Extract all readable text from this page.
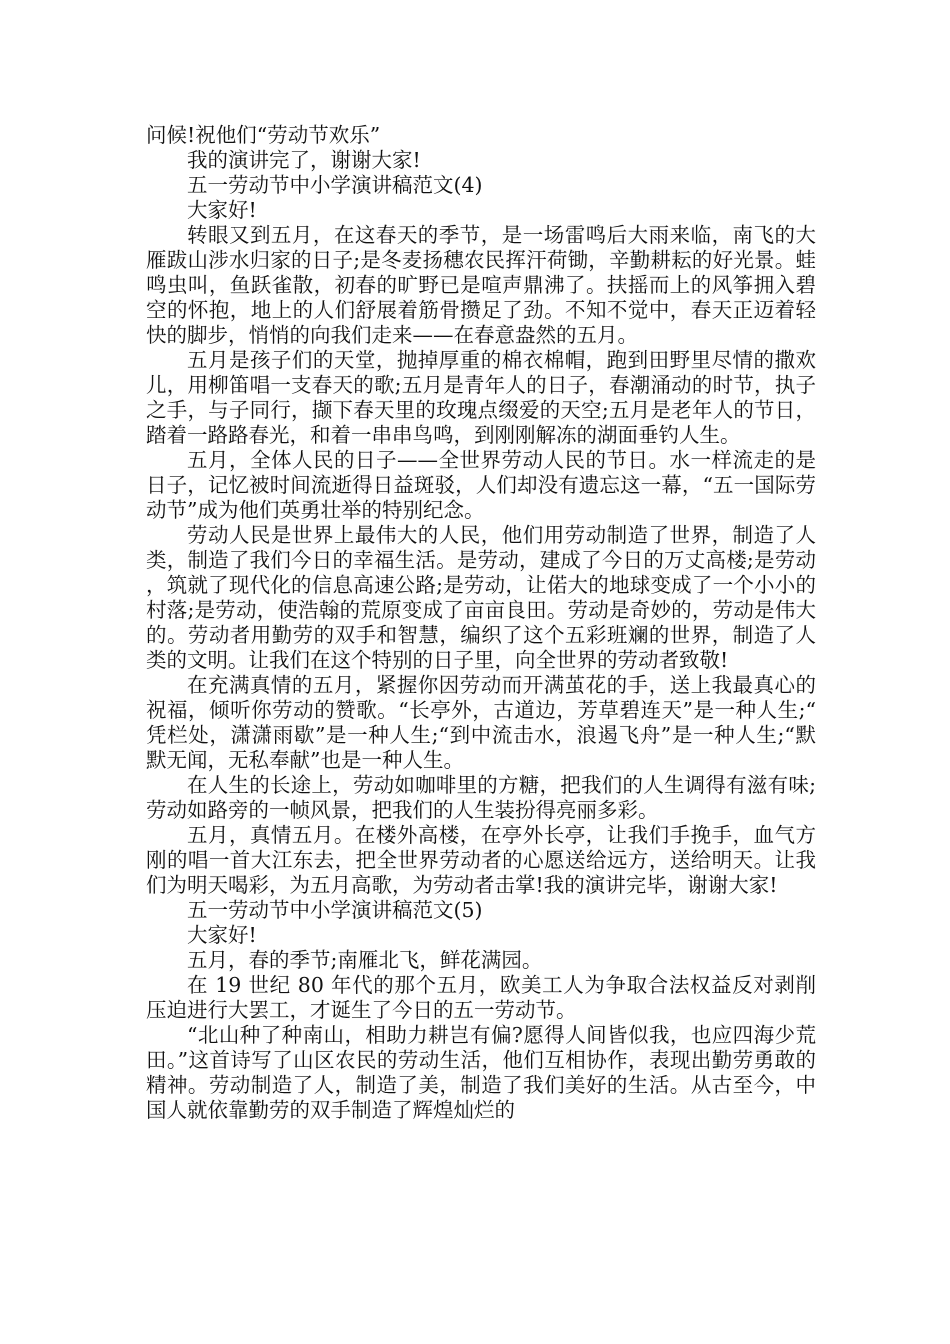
问候!祝他们“劳动节欢乐”

我的演讲完了，谢谢大家!

五一劳动节中小学演讲稿范文(4)

大家好!

转眼又到五月，在这春天的季节，是一场雷鸣后大雨来临，南飞的大雁跋山涉水归家的日子;是冬麦扬穗农民挥汗荷锄，辛勤耕耘的好光景。蛙鸣虫叫，鱼跃雀散，初春的旷野已是喧声鼎沸了。扶摇而上的风筝拥入碧空的怀抱，地上的人们舒展着筋骨攒足了劲。不知不觉中，春天正迈着轻快的脚步，悄悄的向我们走来——在春意盎然的五月。

五月是孩子们的天堂，抛掉厚重的棉衣棉帽，跑到田野里尽情的撒欢儿，用柳笛唱一支春天的歌;五月是青年人的日子，春潮涌动的时节，执子之手，与子同行，撷下春天里的玫瑰点缀爱的天空;五月是老年人的节日，踏着一路路春光，和着一串串鸟鸣，到刚刚解冻的湖面垂钓人生。

五月，全体人民的日子——全世界劳动人民的节日。水一样流走的是日子，记忆被时间流逝得日益斑驳，人们却没有遗忘这一幕，“五一国际劳动节”成为他们英勇壮举的特别纪念。

劳动人民是世界上最伟大的人民，他们用劳动制造了世界，制造了人类，制造了我们今日的幸福生活。是劳动，建成了今日的万丈高楼;是劳动，筑就了现代化的信息高速公路;是劳动，让偌大的地球变成了一个小小的村落;是劳动，使浩翰的荒原变成了亩亩良田。劳动是奇妙的，劳动是伟大的。劳动者用勤劳的双手和智慧，编织了这个五彩班斓的世界，制造了人类的文明。让我们在这个特别的日子里，向全世界的劳动者致敬!

在充满真情的五月，紧握你因劳动而开满茧花的手，送上我最真心的祝福，倾听你劳动的赞歌。“长亭外，古道边，芳草碧连天”是一种人生;“凭栏处，潇潇雨歇”是一种人生;“到中流击水，浪遏飞舟”是一种人生;“默默无闻，无私奉献”也是一种人生。

在人生的长途上，劳动如咖啡里的方糖，把我们的人生调得有滋有味;劳动如路旁的一帧风景，把我们的人生装扮得亮丽多彩。

五月，真情五月。在楼外高楼，在亭外长亭，让我们手挽手，血气方刚的唱一首大江东去，把全世界劳动者的心愿送给远方，送给明天。让我们为明天喝彩，为五月高歌，为劳动者击掌!我的演讲完毕，谢谢大家!

五一劳动节中小学演讲稿范文(5)

大家好!

五月，春的季节;南雁北飞，鲜花满园。

在 19 世纪 80 年代的那个五月，欧美工人为争取合法权益反对剥削压迫进行大罢工，才诞生了今日的五一劳动节。

“北山种了种南山，相助力耕岂有偏?愿得人间皆似我，也应四海少荒田。”这首诗写了山区农民的劳动生活，他们互相协作，表现出勤劳勇敢的精神。劳动制造了人，制造了美，制造了我们美好的生活。从古至今，中国人就依靠勤劳的双手制造了辉煌灿烂的
